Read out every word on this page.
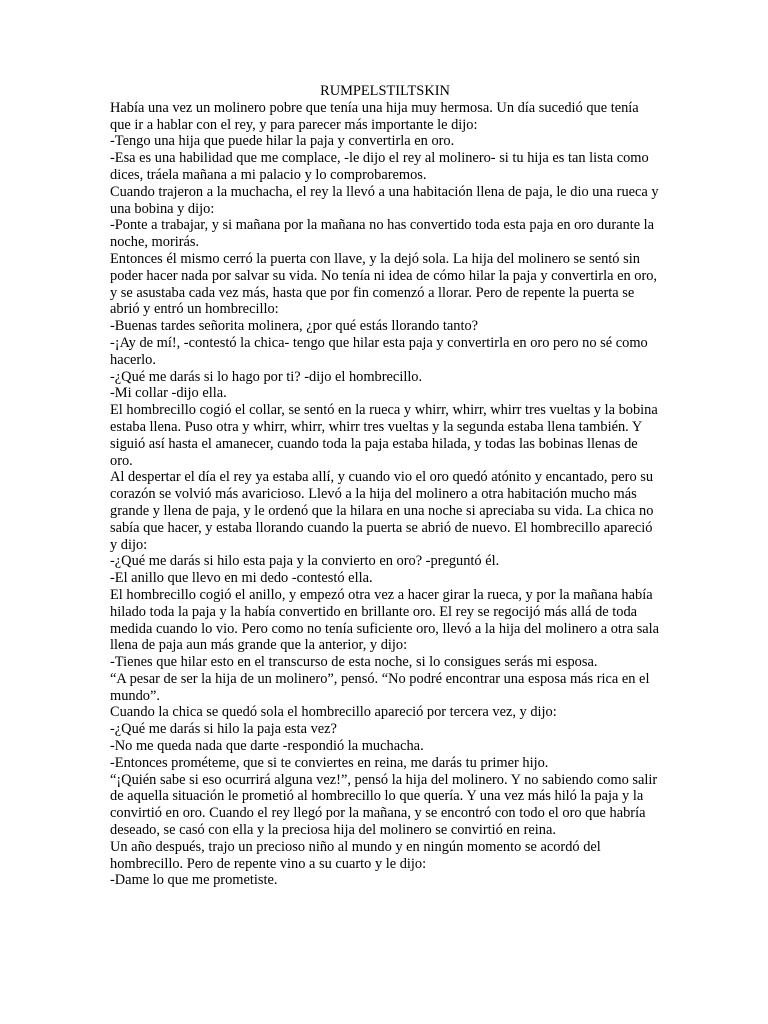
RUMPELSTILTSKIN

Había una vez un molinero pobre que tenía una hija muy hermosa. Un día sucedió que tenía que ir a hablar con el rey, y para parecer más importante le dijo:

-Tengo una hija que puede hilar la paja y convertirla en oro.

-Esa es una habilidad que me complace, -le dijo el rey al molinero- si tu hija es tan lista como dices, tráela mañana a mi palacio y lo comprobaremos.

Cuando trajeron a la muchacha, el rey la llevó a una habitación llena de paja, le dio una rueca y una bobina y dijo:

-Ponte a trabajar, y si mañana por la mañana no has convertido toda esta paja en oro durante la noche, morirás.

Entonces él mismo cerró la puerta con llave, y la dejó sola. La hija del molinero se sentó sin poder hacer nada por salvar su vida. No tenía ni idea de cómo hilar la paja y convertirla en oro, y se asustaba cada vez más, hasta que por fin comenzó a llorar. Pero de repente la puerta se abrió y entró un hombrecillo:

-Buenas tardes señorita molinera, ¿por qué estás llorando tanto?

-¡Ay de mí!, -contestó la chica- tengo que hilar esta paja y convertirla en oro pero no sé como hacerlo.

-¿Qué me darás si lo hago por ti? -dijo el hombrecillo.

-Mi collar -dijo ella.

El hombrecillo cogió el collar, se sentó en la rueca y whirr, whirr, whirr tres vueltas y la bobina estaba llena. Puso otra y whirr, whirr, whirr tres vueltas y la segunda estaba llena también. Y siguió así hasta el amanecer, cuando toda la paja estaba hilada, y todas las bobinas llenas de oro.

Al despertar el día el rey ya estaba allí, y cuando vio el oro quedó atónito y encantado, pero su corazón se volvió más avaricioso. Llevó a la hija del molinero a otra habitación mucho más grande y llena de paja, y le ordenó que la hilara en una noche si apreciaba su vida. La chica no sabía que hacer, y estaba llorando cuando la puerta se abrió de nuevo. El hombrecillo apareció y dijo:

-¿Qué me darás si hilo esta paja y la convierto en oro? -preguntó él.

-El anillo que llevo en mi dedo -contestó ella.

El hombrecillo cogió el anillo, y empezó otra vez a hacer girar la rueca, y por la mañana había hilado toda la paja y la había convertido en brillante oro. El rey se regocijó más allá de toda medida cuando lo vio. Pero como no tenía suficiente oro, llevó a la hija del molinero a otra sala llena de paja aun más grande que la anterior, y dijo:

-Tienes que hilar esto en el transcurso de esta noche, si lo consigues serás mi esposa.

“A pesar de ser la hija de un molinero”, pensó. “No podré encontrar una esposa más rica en el mundo”.

Cuando la chica se quedó sola el hombrecillo apareció por tercera vez, y dijo:

-¿Qué me darás si hilo la paja esta vez?

-No me queda nada que darte -respondió la muchacha.

-Entonces prométeme, que si te conviertes en reina, me darás tu primer hijo.

“¡Quién sabe si eso ocurrirá alguna vez!”, pensó la hija del molinero. Y no sabiendo como salir de aquella situación le prometió al hombrecillo lo que quería. Y una vez más hiló la paja y la convirtió en oro. Cuando el rey llegó por la mañana, y se encontró con todo el oro que habría deseado, se casó con ella y la preciosa hija del molinero se convirtió en reina.

Un año después, trajo un precioso niño al mundo y en ningún momento se acordó del hombrecillo. Pero de repente vino a su cuarto y le dijo:

-Dame lo que me prometiste.
